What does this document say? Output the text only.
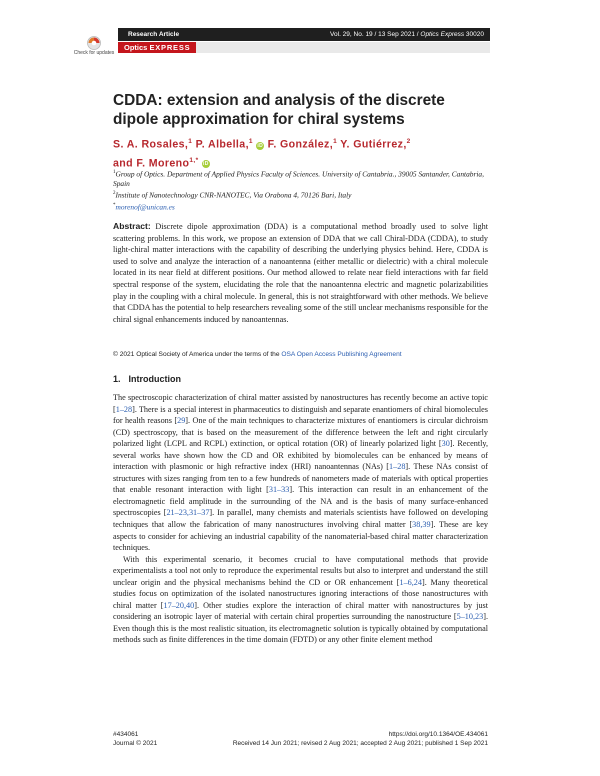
Check for updates
Research Article	Vol. 29, No. 19 / 13 Sep 2021 / Optics Express 30020
Optics EXPRESS
CDDA: extension and analysis of the discrete dipole approximation for chiral systems
S. A. Rosales,$^1$ P. Albella,$^1$ iD F. González,$^1$ Y. Gutiérrez,$^2$
and F. Moreno$^{1,*}$ iD
$^1$Group of Optics. Department of Applied Physics Faculty of Sciences. University of Cantabria., 39005 Santander, Cantabria, Spain
$^2$Institute of Nanotechnology CNR-NANOTEC, Via Orabona 4, 70126 Bari, Italy
*morenof@unican.es
Abstract: Discrete dipole approximation (DDA) is a computational method broadly used to solve light scattering problems. In this work, we propose an extension of DDA that we call Chiral-DDA (CDDA), to study light-chiral matter interactions with the capability of describing the underlying physics behind. Here, CDDA is used to solve and analyze the interaction of a nanoantenna (either metallic or dielectric) with a chiral molecule located in its near field at different positions. Our method allowed to relate near field interactions with far field spectral response of the system, elucidating the role that the nanoantenna electric and magnetic polarizabilities play in the coupling with a chiral molecule. In general, this is not straightforward with other methods. We believe that CDDA has the potential to help researchers revealing some of the still unclear mechanisms responsible for the chiral signal enhancements induced by nanoantennas.
© 2021 Optical Society of America under the terms of the OSA Open Access Publishing Agreement
1. Introduction

The spectroscopic characterization of chiral matter assisted by nanostructures has recently become an active topic [1–28]. There is a special interest in pharmaceutics to distinguish and separate enantiomers of chiral biomolecules for health reasons [29]. One of the main techniques to characterize mixtures of enantiomers is circular dichroism (CD) spectroscopy, that is based on the measurement of the difference between the left and right circularly polarized light (LCPL and RCPL) extinction, or optical rotation (OR) of linearly polarized light [30]. Recently, several works have shown how the CD and OR exhibited by biomolecules can be enhanced by means of interaction with plasmonic or high refractive index (HRI) nanoantennas (NAs) [1–28]. These NAs consist of structures with sizes ranging from ten to a few hundreds of nanometers made of materials with optical properties that enable resonant interaction with light [31–33]. This interaction can result in an enhancement of the electromagnetic field amplitude in the surrounding of the NA and is the basis of many surface-enhanced spectroscopies [21–23,31–37]. In parallel, many chemists and materials scientists have followed on developing techniques that allow the fabrication of many nanostructures involving chiral matter [38,39]. These are key aspects to consider for achieving an industrial capability of the nanomaterial-based chiral matter characterization techniques.

With this experimental scenario, it becomes crucial to have computational methods that provide experimentalists a tool not only to reproduce the experimental results but also to interpret and understand the still unclear origin and the physical mechanisms behind the CD or OR enhancement [1–6,24]. Many theoretical studies focus on optimization of the isolated nanostructures ignoring interactions of those nanostructures with chiral matter [17–20,40]. Other studies explore the interaction of chiral matter with nanostructures by just considering an isotropic layer of material with certain chiral properties surrounding the nanostructure [5–10,23]. Even though this is the most realistic situation, its electromagnetic solution is typically obtained by computational methods such as finite differences in the time domain (FDTD) or any other finite element method

#434061	https://doi.org/10.1364/OE.434061
Journal © 2021	Received 14 Jun 2021; revised 2 Aug 2021; accepted 2 Aug 2021; published 1 Sep 2021
